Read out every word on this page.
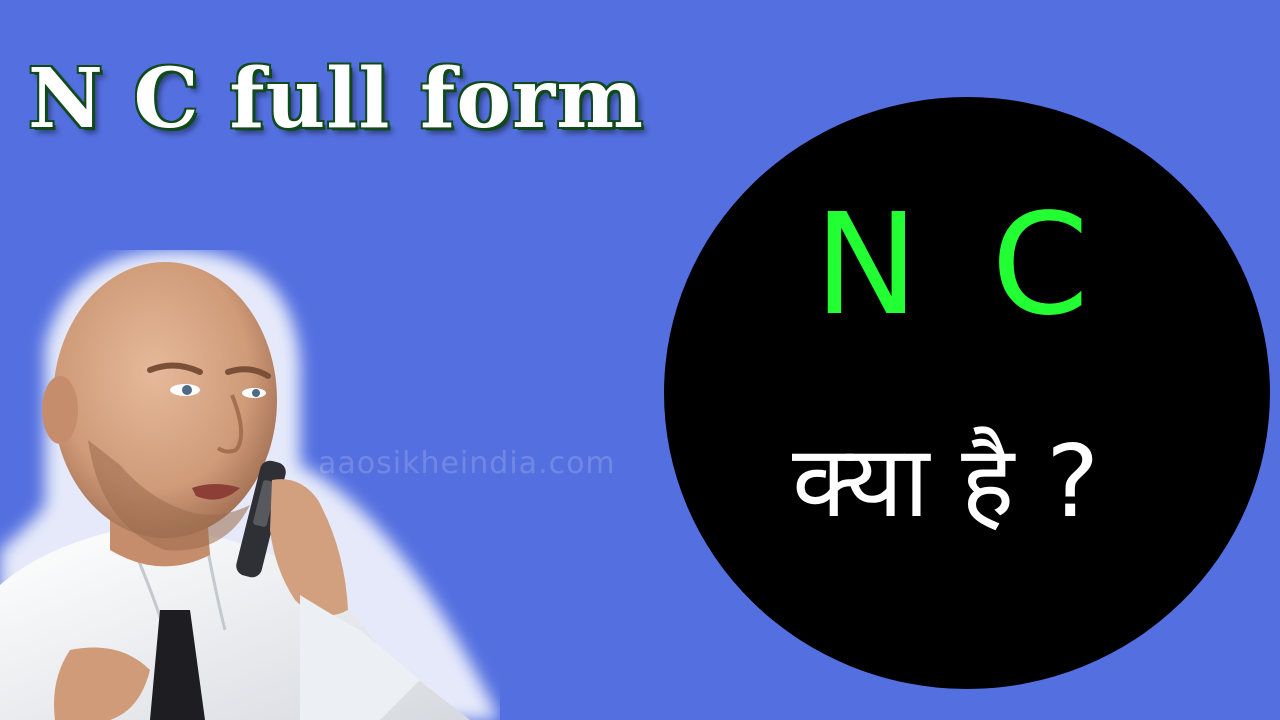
N C full form
aaosikheindia.com
N C
क्या है ?
